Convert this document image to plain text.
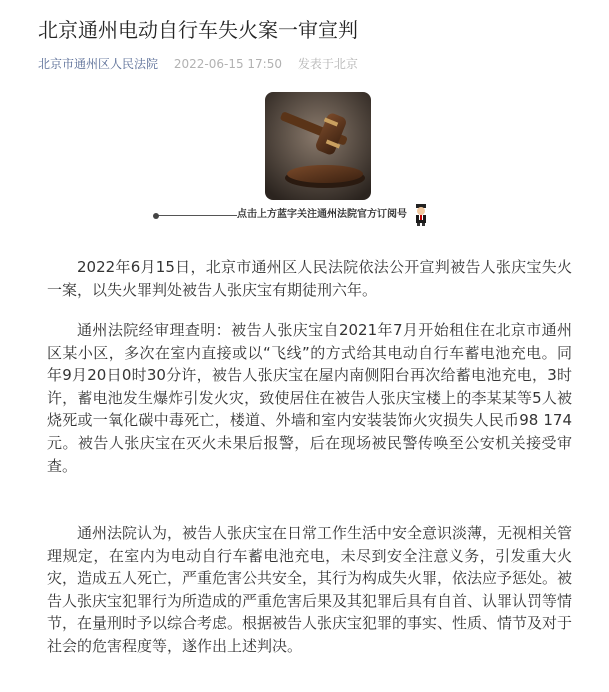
北京通州电动自行车失火案一审宣判
北京市通州区人民法院 2022-06-15 17:50 发表于北京
点击上方蓝字关注通州法院官方订阅号

2022年6月15日，北京市通州区人民法院依法公开宣判被告人张庆宝失火一案，以失火罪判处被告人张庆宝有期徒刑六年。

通州法院经审理查明：被告人张庆宝自2021年7月开始租住在北京市通州区某小区，多次在室内直接或以“飞线”的方式给其电动自行车蓄电池充电。同年9月20日0时30分许，被告人张庆宝在屋内南侧阳台再次给蓄电池充电，3时许，蓄电池发生爆炸引发火灾，致使居住在被告人张庆宝楼上的李某某等5人被烧死或一氧化碳中毒死亡，楼道、外墙和室内安装装饰火灾损失人民币98 174元。被告人张庆宝在灭火未果后报警，后在现场被民警传唤至公安机关接受审查。

通州法院认为，被告人张庆宝在日常工作生活中安全意识淡薄，无视相关管理规定，在室内为电动自行车蓄电池充电，未尽到安全注意义务，引发重大火灾，造成五人死亡，严重危害公共安全，其行为构成失火罪，依法应予惩处。被告人张庆宝犯罪行为所造成的严重危害后果及其犯罪后具有自首、认罪认罚等情节，在量刑时予以综合考虑。根据被告人张庆宝犯罪的事实、性质、情节及对于社会的危害程度等，遂作出上述判决。
